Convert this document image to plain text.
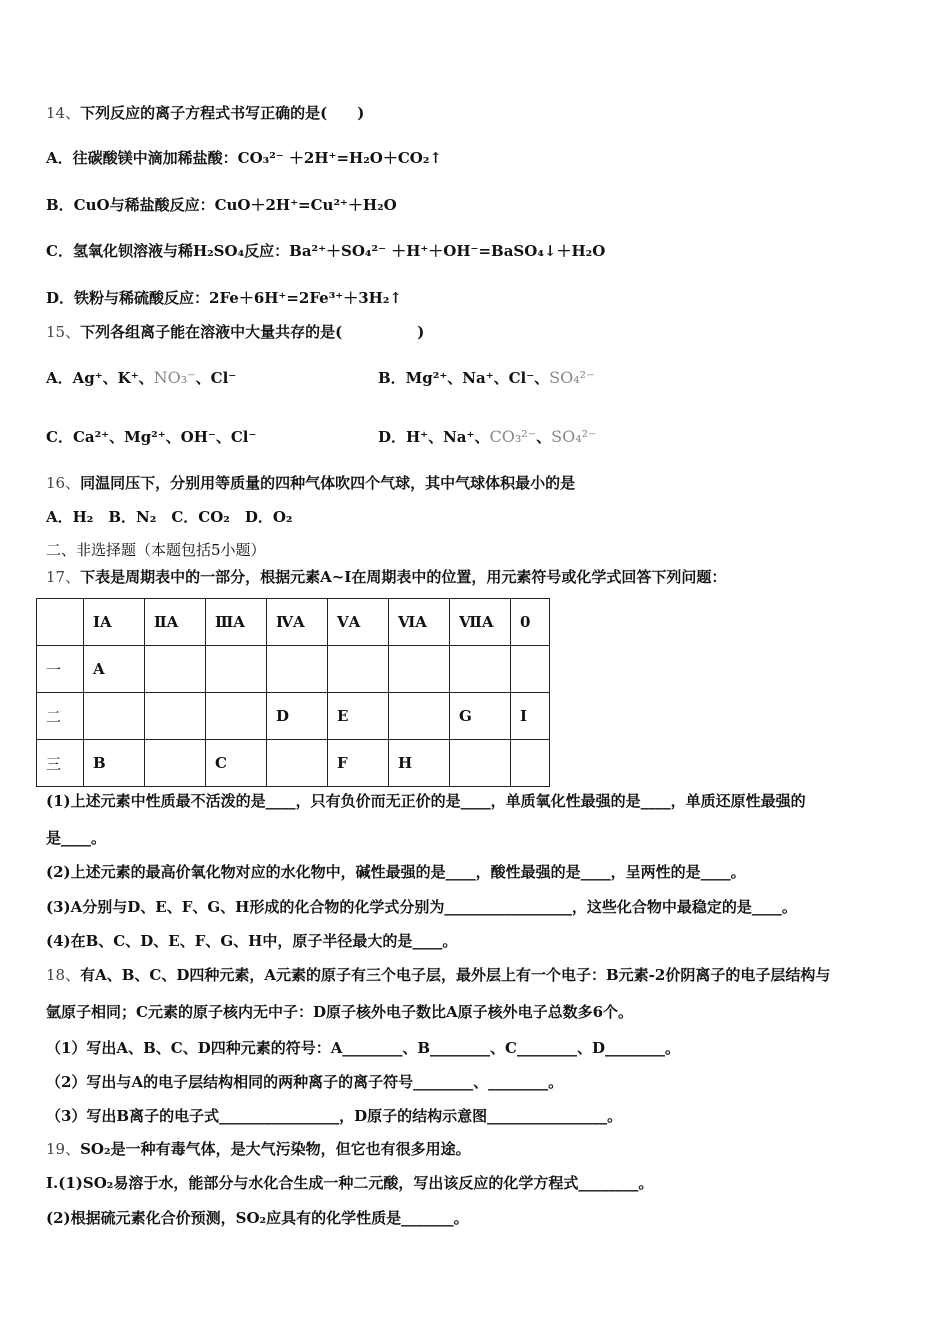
14、下列反应的离子方程式书写正确的是(　　)
A．往碳酸镁中滴加稀盐酸：CO₃²⁻ ＋2H⁺=H₂O＋CO₂↑
B．CuO与稀盐酸反应：CuO＋2H⁺=Cu²⁺＋H₂O
C．氢氧化钡溶液与稀H₂SO₄反应：Ba²⁺＋SO₄²⁻ ＋H⁺＋OH⁻=BaSO₄↓＋H₂O
D．铁粉与稀硫酸反应：2Fe＋6H⁺=2Fe³⁺＋3H₂↑
15、下列各组离子能在溶液中大量共存的是(　　　　　)
A．Ag⁺、K⁺、NO₃⁻、Cl⁻	B．Mg²⁺、Na⁺、Cl⁻、SO₄²⁻
C．Ca²⁺、Mg²⁺、OH⁻、Cl⁻	D．H⁺、Na⁺、CO₃²⁻、SO₄²⁻
16、同温同压下，分别用等质量的四种气体吹四个气球，其中气球体积最小的是
A．H₂　B．N₂　C．CO₂　D．O₂
二、非选择题（本题包括5小题）
17、下表是周期表中的一部分，根据元素A~I在周期表中的位置，用元素符号或化学式回答下列问题：
	ⅠA	ⅡA	ⅢA	ⅣA	ⅤA	ⅥA	ⅦA	0
一	A							
二				D	E		G	I
三	B		C		F	H		
(1)上述元素中性质最不活泼的是____，只有负价而无正价的是____，单质氧化性最强的是____，单质还原性最强的
是____。
(2)上述元素的最高价氧化物对应的水化物中，碱性最强的是____，酸性最强的是____，呈两性的是____。
(3)A分别与D、E、F、G、H形成的化合物的化学式分别为_________________，这些化合物中最稳定的是____。
(4)在B、C、D、E、F、G、H中，原子半径最大的是____。
18、有A、B、C、D四种元素，A元素的原子有三个电子层，最外层上有一个电子：B元素-2价阴离子的电子层结构与
氩原子相同；C元素的原子核内无中子：D原子核外电子数比A原子核外电子总数多6个。
（1）写出A、B、C、D四种元素的符号：A________、B________、C________、D________。
（2）写出与A的电子层结构相同的两种离子的离子符号________、________。
（3）写出B离子的电子式________________，D原子的结构示意图________________。
19、SO₂是一种有毒气体，是大气污染物，但它也有很多用途。
I.(1)SO₂易溶于水，能部分与水化合生成一种二元酸，写出该反应的化学方程式________。
(2)根据硫元素化合价预测，SO₂应具有的化学性质是_______。
